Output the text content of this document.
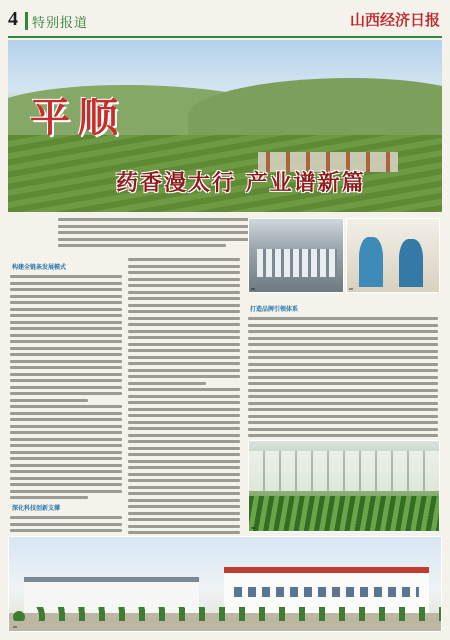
4 特别报道	山西经济日报
平顺
药香漫太行 产业谱新篇
构建全链条发展模式
深化科技创新支撑
打造品牌引领体系
